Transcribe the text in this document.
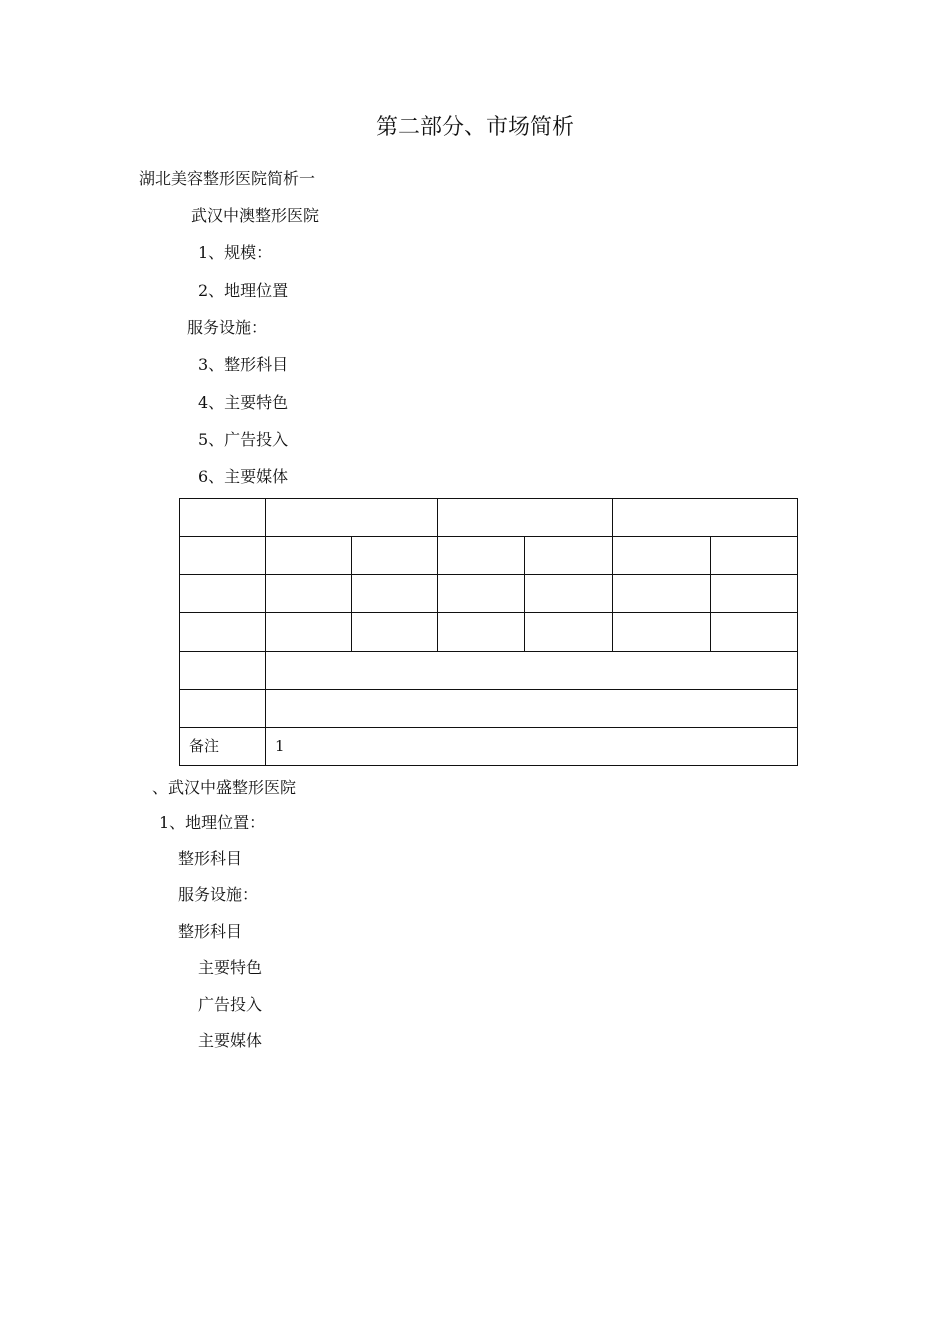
第二部分、市场简析
湖北美容整形医院简析一
武汉中澳整形医院
1、规模：
2、地理位置
服务设施：
3、整形科目
4、主要特色
5、广告投入
6、主要媒体

备注	1					
、武汉中盛整形医院
1、地理位置：
整形科目
服务设施：
整形科目
主要特色
广告投入
主要媒体
